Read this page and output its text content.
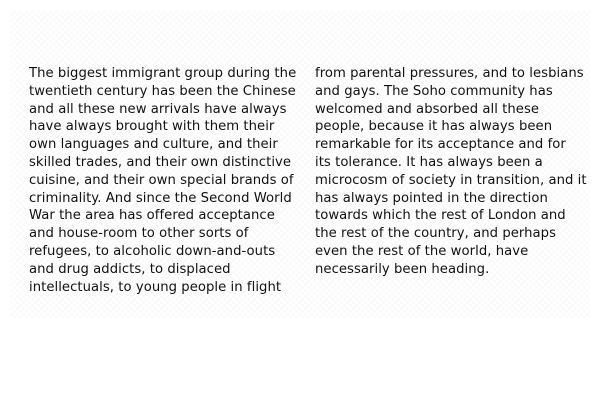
The biggest immigrant group during the
twentieth century has been the Chinese
and all these new arrivals have always
have always brought with them their
own languages and culture, and their
skilled trades, and their own distinctive
cuisine, and their own special brands of
criminality. And since the Second World
War the area has offered acceptance
and house-room to other sorts of
refugees, to alcoholic down-and-outs
and drug addicts, to displaced
intellectuals, to young people in flight
from parental pressures, and to lesbians
and gays. The Soho community has
welcomed and absorbed all these
people, because it has always been
remarkable for its acceptance and for
its tolerance. It has always been a
microcosm of society in transition, and it
has always pointed in the direction
towards which the rest of London and
the rest of the country, and perhaps
even the rest of the world, have
necessarily been heading.
